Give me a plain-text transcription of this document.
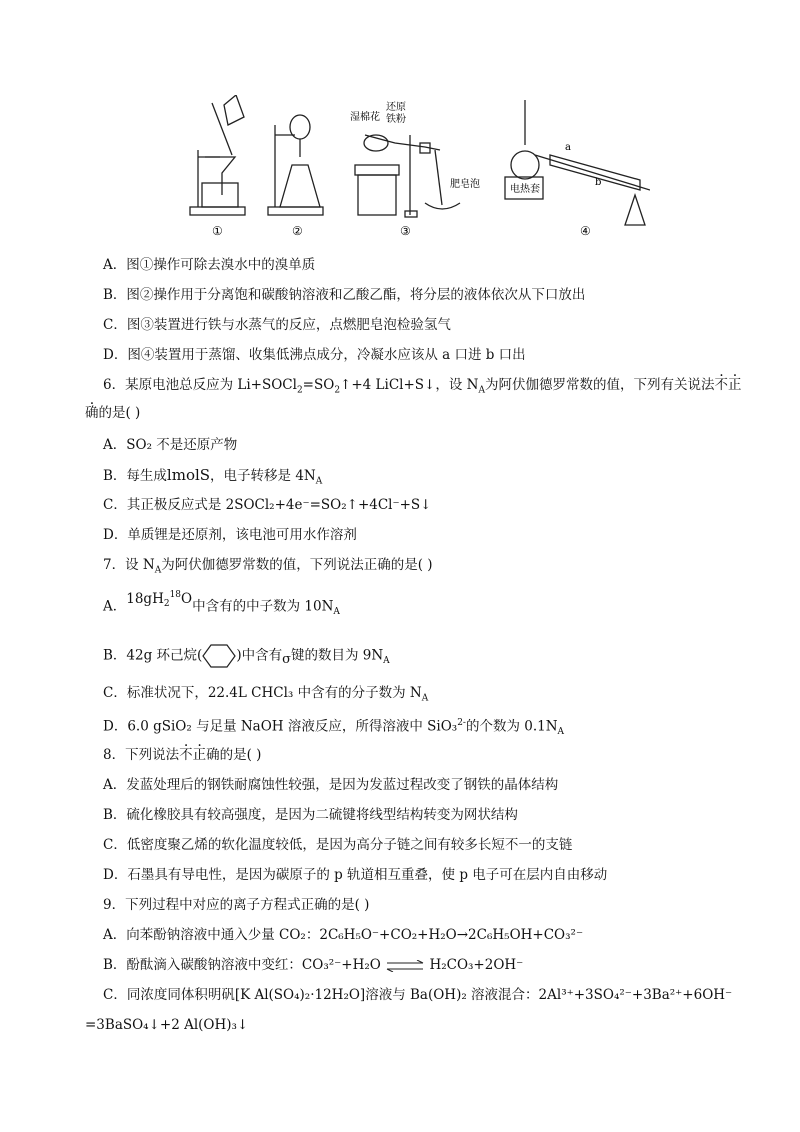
湿棉花
还原
铁粉
肥皂泡	电热套
a
b
①	②	③	④
A．图①操作可除去溴水中的溴单质
B．图②操作用于分离饱和碳酸钠溶液和乙酸乙酯，将分层的液体依次从下口放出
C．图③装置进行铁与水蒸气的反应，点燃肥皂泡检验氢气
D．图④装置用于蒸馏、收集低沸点成分，冷凝水应该从 a 口进 b 口出
6．某原电池总反应为 $Li+SOCl_2=SO_2↑+4$ LiCl+S↓，设 $N_A$为阿伏伽德罗常数的值，下列有关说法不正
确的是( )
A．SO₂ 不是还原产物
B．每生成lmolS，电子转移是 $4N_A$
C．其正极反应式是 2SOCl₂+4e⁻=SO₂↑+4Cl⁻+S↓
D．单质锂是还原剂，该电池可用水作溶剂
7．设 $N_A$为阿伏伽德罗常数的值，下列说法正确的是( )
A．$18gH_2^{18}O$中含有的中子数为 $10N_A$
B．42g 环己烷(	)中含有σ键的数目为 $9N_A$
C．标准状况下，22.4L CHCl₃ 中含有的分子数为 $N_A$
D．6.0 gSiO₂ 与足量 NaOH 溶液反应，所得溶液中 SiO₃$^{2-}$的个数为 $0.1N_A$
8．下列说法不正确的是( )
A．发蓝处理后的钢铁耐腐蚀性较强，是因为发蓝过程改变了钢铁的晶体结构
B．硫化橡胶具有较高强度，是因为二硫键将线型结构转变为网状结构
C．低密度聚乙烯的软化温度较低，是因为高分子链之间有较多长短不一的支链
D．石墨具有导电性，是因为碳原子的 p 轨道相互重叠，使 p 电子可在层内自由移动
9．下列过程中对应的离子方程式正确的是( )
A．向苯酚钠溶液中通入少量 CO₂：2C₆H₅O⁻+CO₂+H₂O→2C₆H₅OH+CO₃²⁻
B．酚酞滴入碳酸钠溶液中变红：CO₃²⁻+H₂O ⇌ H₂CO₃+2OH⁻
C．同浓度同体积明矾[K Al(SO₄)₂·12H₂O]溶液与 Ba(OH)₂ 溶液混合：2Al³⁺+3SO₄²⁻+3Ba²⁺+6OH⁻
=3BaSO₄↓+2 Al(OH)₃↓
